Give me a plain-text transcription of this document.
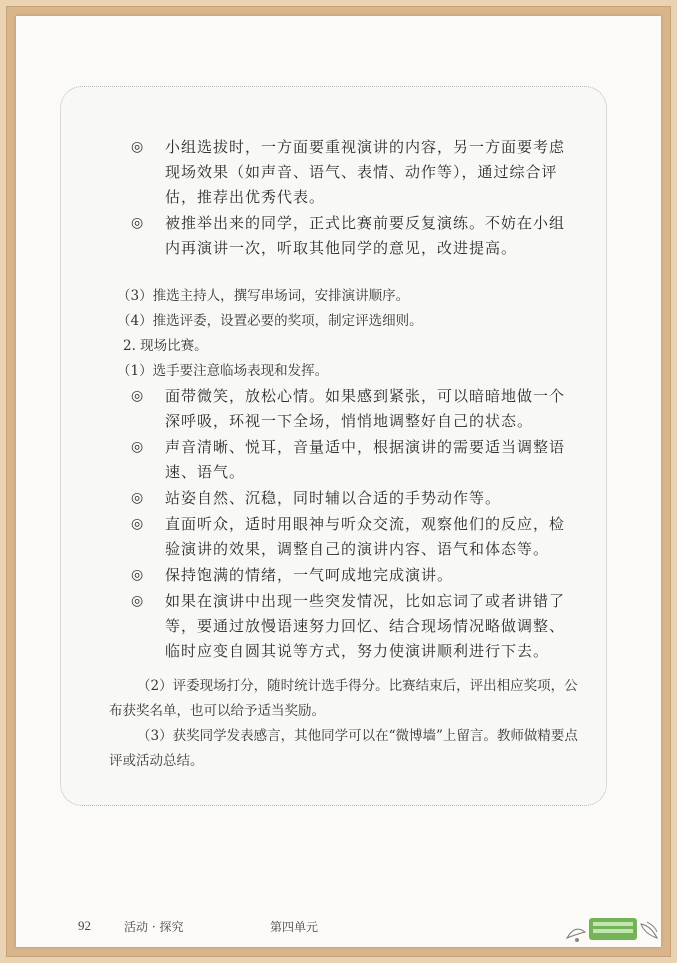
◎ 小组选拔时，一方面要重视演讲的内容，另一方面要考虑现场效果（如声音、语气、表情、动作等），通过综合评估，推荐出优秀代表。
◎ 被推举出来的同学，正式比赛前要反复演练。不妨在小组内再演讲一次，听取其他同学的意见，改进提高。

（3）推选主持人，撰写串场词，安排演讲顺序。

（4）推选评委，设置必要的奖项，制定评选细则。

2. 现场比赛。

（1）选手要注意临场表现和发挥。

◎ 面带微笑，放松心情。如果感到紧张，可以暗暗地做一个深呼吸，环视一下全场，悄悄地调整好自己的状态。
◎ 声音清晰、悦耳，音量适中，根据演讲的需要适当调整语速、语气。
◎ 站姿自然、沉稳，同时辅以合适的手势动作等。
◎ 直面听众，适时用眼神与听众交流，观察他们的反应，检验演讲的效果，调整自己的演讲内容、语气和体态等。
◎ 保持饱满的情绪，一气呵成地完成演讲。
◎ 如果在演讲中出现一些突发情况，比如忘词了或者讲错了等，要通过放慢语速努力回忆、结合现场情况略做调整、临时应变自圆其说等方式，努力使演讲顺利进行下去。

（2）评委现场打分，随时统计选手得分。比赛结束后，评出相应奖项，公布获奖名单，也可以给予适当奖励。

（3）获奖同学发表感言，其他同学可以在“微博墙”上留言。教师做精要点评或活动总结。

92	活动 · 探究	第四单元
